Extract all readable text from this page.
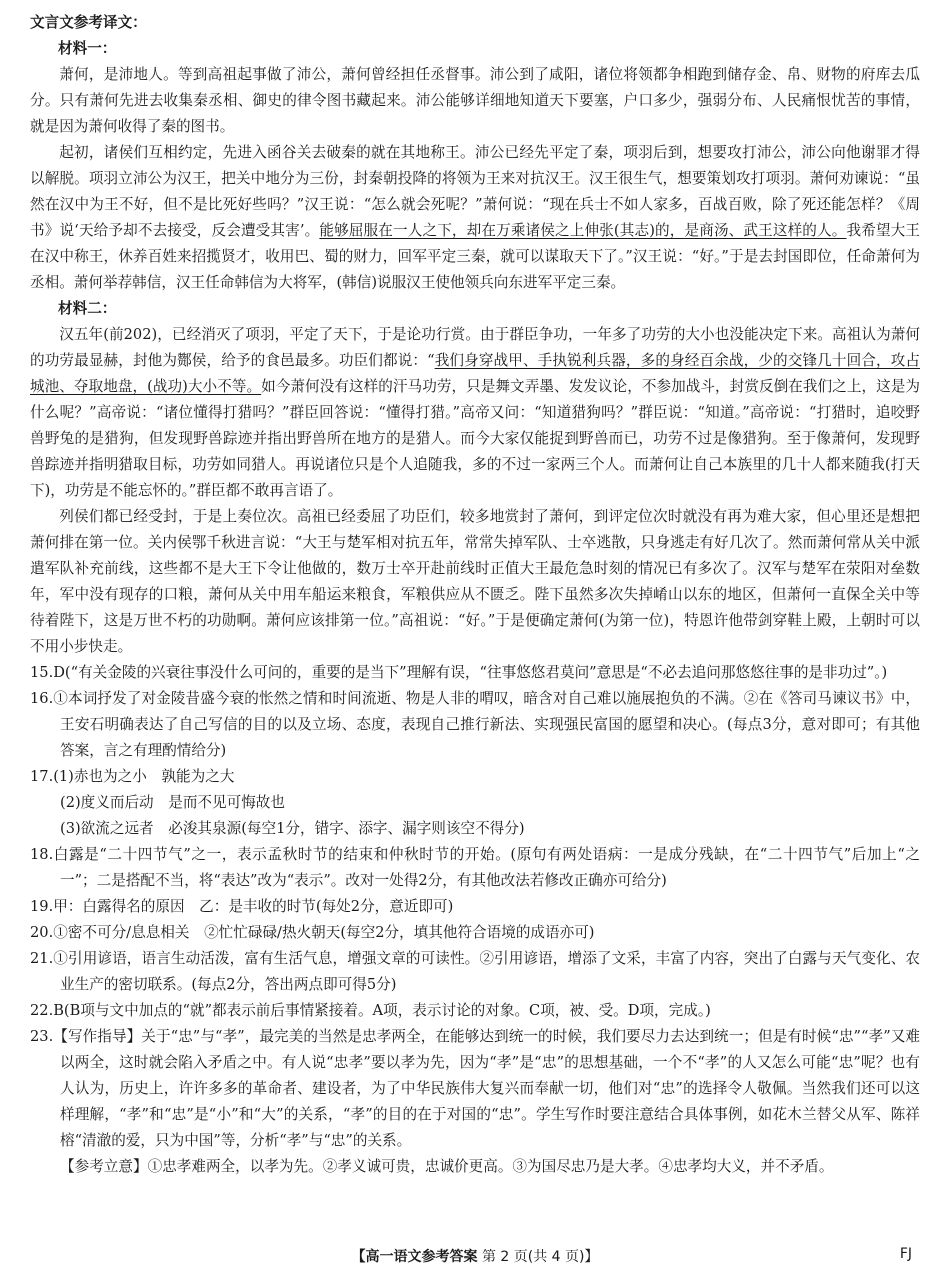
文言文参考译文：

材料一：

萧何，是沛地人。等到高祖起事做了沛公，萧何曾经担任丞督事。沛公到了咸阳，诸位将领都争相跑到储存金、帛、财物的府库去瓜分。只有萧何先进去收集秦丞相、御史的律令图书藏起来。沛公能够详细地知道天下要塞，户口多少，强弱分布、人民痛恨忧苦的事情，就是因为萧何收得了秦的图书。

起初，诸侯们互相约定，先进入函谷关去破秦的就在其地称王。沛公已经先平定了秦，项羽后到，想要攻打沛公，沛公向他谢罪才得以解脱。项羽立沛公为汉王，把关中地分为三份，封秦朝投降的将领为王来对抗汉王。汉王很生气，想要策划攻打项羽。萧何劝谏说：“虽然在汉中为王不好，但不是比死好些吗？”汉王说：“怎么就会死呢？”萧何说：“现在兵士不如人家多，百战百败，除了死还能怎样？《周书》说‘天给予却不去接受，反会遭受其害’。能够屈服在一人之下，却在万乘诸侯之上伸张(其志)的，是商汤、武王这样的人。我希望大王在汉中称王，休养百姓来招揽贤才，收用巴、蜀的财力，回军平定三秦，就可以谋取天下了。”汉王说：“好。”于是去封国即位，任命萧何为丞相。萧何举荐韩信，汉王任命韩信为大将军，(韩信)说服汉王使他领兵向东进军平定三秦。

材料二：

汉五年(前202)，已经消灭了项羽，平定了天下，于是论功行赏。由于群臣争功，一年多了功劳的大小也没能决定下来。高祖认为萧何的功劳最显赫，封他为酂侯，给予的食邑最多。功臣们都说：“我们身穿战甲、手执锐利兵器，多的身经百余战，少的交锋几十回合，攻占城池、夺取地盘，(战功)大小不等。如今萧何没有这样的汗马功劳，只是舞文弄墨、发发议论，不参加战斗，封赏反倒在我们之上，这是为什么呢？”高帝说：“诸位懂得打猎吗？”群臣回答说：“懂得打猎。”高帝又问：“知道猎狗吗？”群臣说：“知道。”高帝说：“打猎时，追咬野兽野兔的是猎狗，但发现野兽踪迹并指出野兽所在地方的是猎人。而今大家仅能捉到野兽而已，功劳不过是像猎狗。至于像萧何，发现野兽踪迹并指明猎取目标，功劳如同猎人。再说诸位只是个人追随我，多的不过一家两三个人。而萧何让自己本族里的几十人都来随我(打天下)，功劳是不能忘怀的。”群臣都不敢再言语了。

列侯们都已经受封，于是上奏位次。高祖已经委屈了功臣们，较多地赏封了萧何，到评定位次时就没有再为难大家，但心里还是想把萧何排在第一位。关内侯鄂千秋进言说：“大王与楚军相对抗五年，常常失掉军队、士卒逃散，只身逃走有好几次了。然而萧何常从关中派遣军队补充前线，这些都不是大王下令让他做的，数万士卒开赴前线时正值大王最危急时刻的情况已有多次了。汉军与楚军在荥阳对垒数年，军中没有现存的口粮，萧何从关中用车船运来粮食，军粮供应从不匮乏。陛下虽然多次失掉崤山以东的地区，但萧何一直保全关中等待着陛下，这是万世不朽的功勋啊。萧何应该排第一位。”高祖说：“好。”于是便确定萧何(为第一位)，特恩许他带剑穿鞋上殿，上朝时可以不用小步快走。

15.D(“有关金陵的兴衰往事没什么可问的，重要的是当下”理解有误，“往事悠悠君莫问”意思是“不必去追问那悠悠往事的是非功过”。)

16.①本词抒发了对金陵昔盛今衰的怅然之情和时间流逝、物是人非的喟叹，暗含对自己难以施展抱负的不满。②在《答司马谏议书》中，王安石明确表达了自己写信的目的以及立场、态度，表现自己推行新法、实现强民富国的愿望和决心。(每点3分，意对即可；有其他答案，言之有理酌情给分)

17.(1)赤也为之小　孰能为之大

(2)度义而后动　是而不见可悔故也

(3)欲流之远者　必浚其泉源(每空1分，错字、添字、漏字则该空不得分)

18.白露是“二十四节气”之一，表示孟秋时节的结束和仲秋时节的开始。(原句有两处语病：一是成分残缺，在“二十四节气”后加上“之一”；二是搭配不当，将“表达”改为“表示”。改对一处得2分，有其他改法若修改正确亦可给分)

19.甲：白露得名的原因　乙：是丰收的时节(每处2分，意近即可)

20.①密不可分/息息相关　②忙忙碌碌/热火朝天(每空2分，填其他符合语境的成语亦可)

21.①引用谚语，语言生动活泼，富有生活气息，增强文章的可读性。②引用谚语，增添了文采，丰富了内容，突出了白露与天气变化、农业生产的密切联系。(每点2分，答出两点即可得5分)

22.B(B项与文中加点的“就”都表示前后事情紧接着。A项，表示讨论的对象。C项，被、受。D项，完成。)

23.【写作指导】关于“忠”与“孝”，最完美的当然是忠孝两全，在能够达到统一的时候，我们要尽力去达到统一；但是有时候“忠”“孝”又难以两全，这时就会陷入矛盾之中。有人说“忠孝”要以孝为先，因为“孝”是“忠”的思想基础，一个不“孝”的人又怎么可能“忠”呢？也有人认为，历史上，许许多多的革命者、建设者，为了中华民族伟大复兴而奉献一切，他们对“忠”的选择令人敬佩。当然我们还可以这样理解，“孝”和“忠”是“小”和“大”的关系，“孝”的目的在于对国的“忠”。学生写作时要注意结合具体事例，如花木兰替父从军、陈祥榕“清澈的爱，只为中国”等，分析“孝”与“忠”的关系。

【参考立意】①忠孝难两全，以孝为先。②孝义诚可贵，忠诚价更高。③为国尽忠乃是大孝。④忠孝均大义，并不矛盾。

【高一语文参考答案 第 2 页(共 4 页)】	FJ
